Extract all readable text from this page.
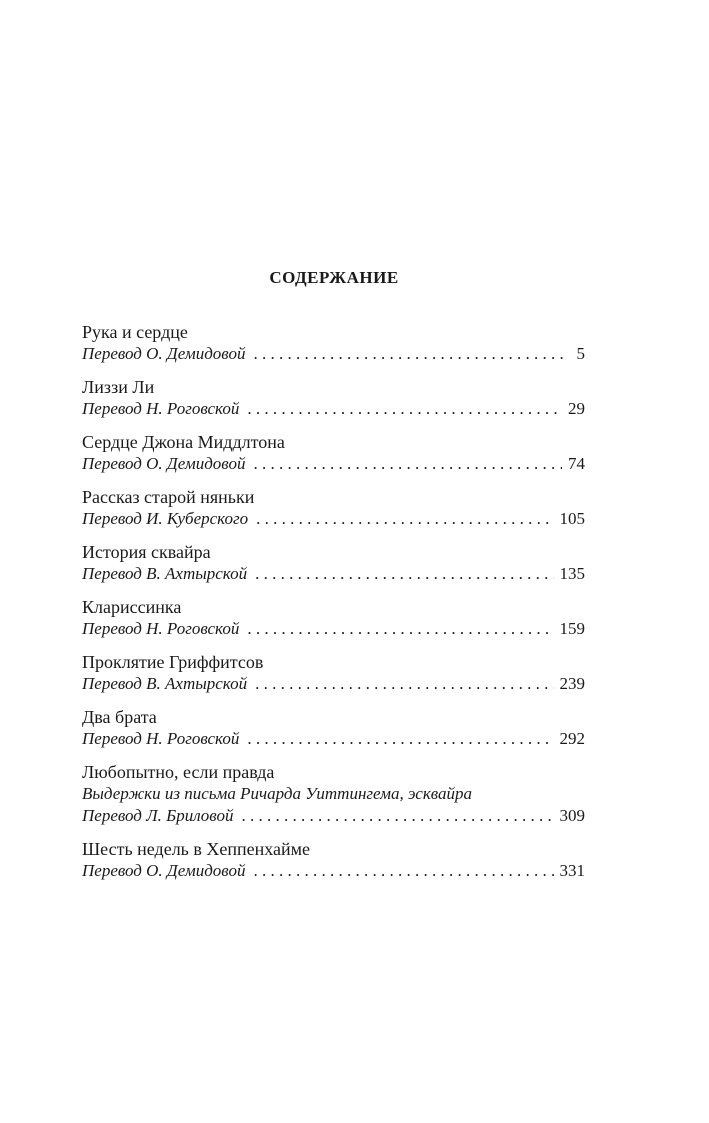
СОДЕРЖАНИЕ
Рука и сердце
Перевод О. Демидовой . . .	5
Лиззи Ли
Перевод Н. Роговской . . .	29
Сердце Джона Миддлтона
Перевод О. Демидовой . . .	74
Рассказ старой няньки
Перевод И. Куберского . . .	105
История сквайра
Перевод В. Ахтырской . . .	135
Кларисcинка
Перевод Н. Роговской . . .	159
Проклятие Гриффитсов
Перевод В. Ахтырской . . .	239
Два брата
Перевод Н. Роговской . . .	292
Любопытно, если правда
Выдержки из письма Ричарда Уиттингема, эсквайра
Перевод Л. Бриловой . . .	309
Шесть недель в Хеппенхайме
Перевод О. Демидовой . . .	331
